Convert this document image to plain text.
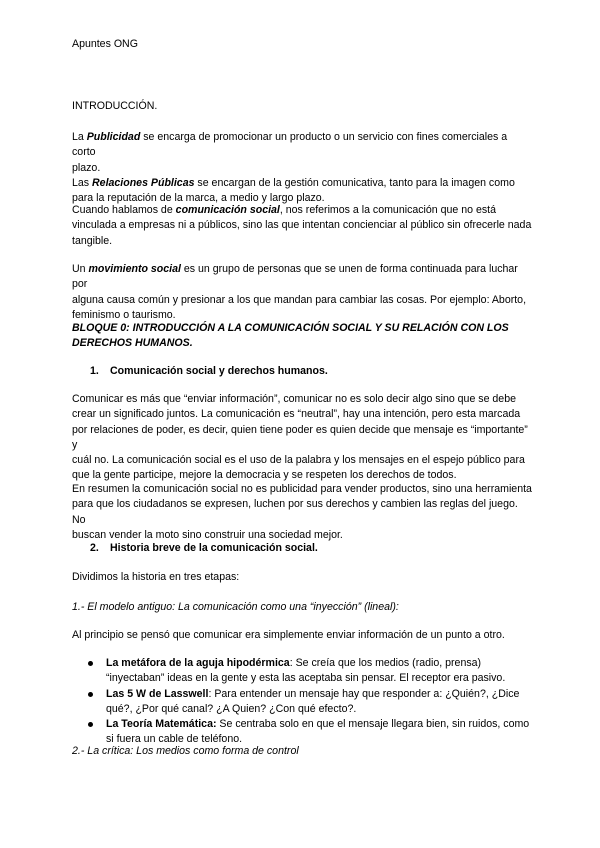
Apuntes ONG
INTRODUCCIÓN.
La Publicidad se encarga de promocionar un producto o un servicio con fines comerciales a corto
plazo.
Las Relaciones Públicas se encargan de la gestión comunicativa, tanto para la imagen como
para la reputación de la marca, a medio y largo plazo.
Cuando hablamos de comunicación social, nos referimos a la comunicación que no está
vinculada a empresas ni a públicos, sino las que intentan concienciar al público sin ofrecerle nada
tangible.
Un movimiento social es un grupo de personas que se unen de forma continuada para luchar por
alguna causa común y presionar a los que mandan para cambiar las cosas. Por ejemplo: Aborto,
feminismo o taurismo.
BLOQUE 0: INTRODUCCIÓN A LA COMUNICACIÓN SOCIAL Y SU RELACIÓN CON LOS
DERECHOS HUMANOS.
1. Comunicación social y derechos humanos.
Comunicar es más que “enviar información”, comunicar no es solo decir algo sino que se debe
crear un significado juntos. La comunicación es “neutral”, hay una intención, pero esta marcada
por relaciones de poder, es decir, quien tiene poder es quien decide que mensaje es “importante” y
cuál no. La comunicación social es el uso de la palabra y los mensajes en el espejo público para
que la gente participe, mejore la democracia y se respeten los derechos de todos.
En resumen la comunicación social no es publicidad para vender productos, sino una herramienta
para que los ciudadanos se expresen, luchen por sus derechos y cambien las reglas del juego. No
buscan vender la moto sino construir una sociedad mejor.
2. Historia breve de la comunicación social.
Dividimos la historia en tres etapas:
1.- El modelo antiguo: La comunicación como una “inyección” (lineal):
Al principio se pensó que comunicar era simplemente enviar información de un punto a otro.
La metáfora de la aguja hipodérmica: Se creía que los medios (radio, prensa)
“inyectaban” ideas en la gente y esta las aceptaba sin pensar. El receptor era pasivo.
Las 5 W de Lasswell: Para entender un mensaje hay que responder a: ¿Quién?, ¿Dice
qué?, ¿Por qué canal? ¿A Quien? ¿Con qué efecto?.
La Teoría Matemática: Se centraba solo en que el mensaje llegara bien, sin ruidos, como
si fuera un cable de teléfono.
2.- La crítica: Los medios como forma de control
